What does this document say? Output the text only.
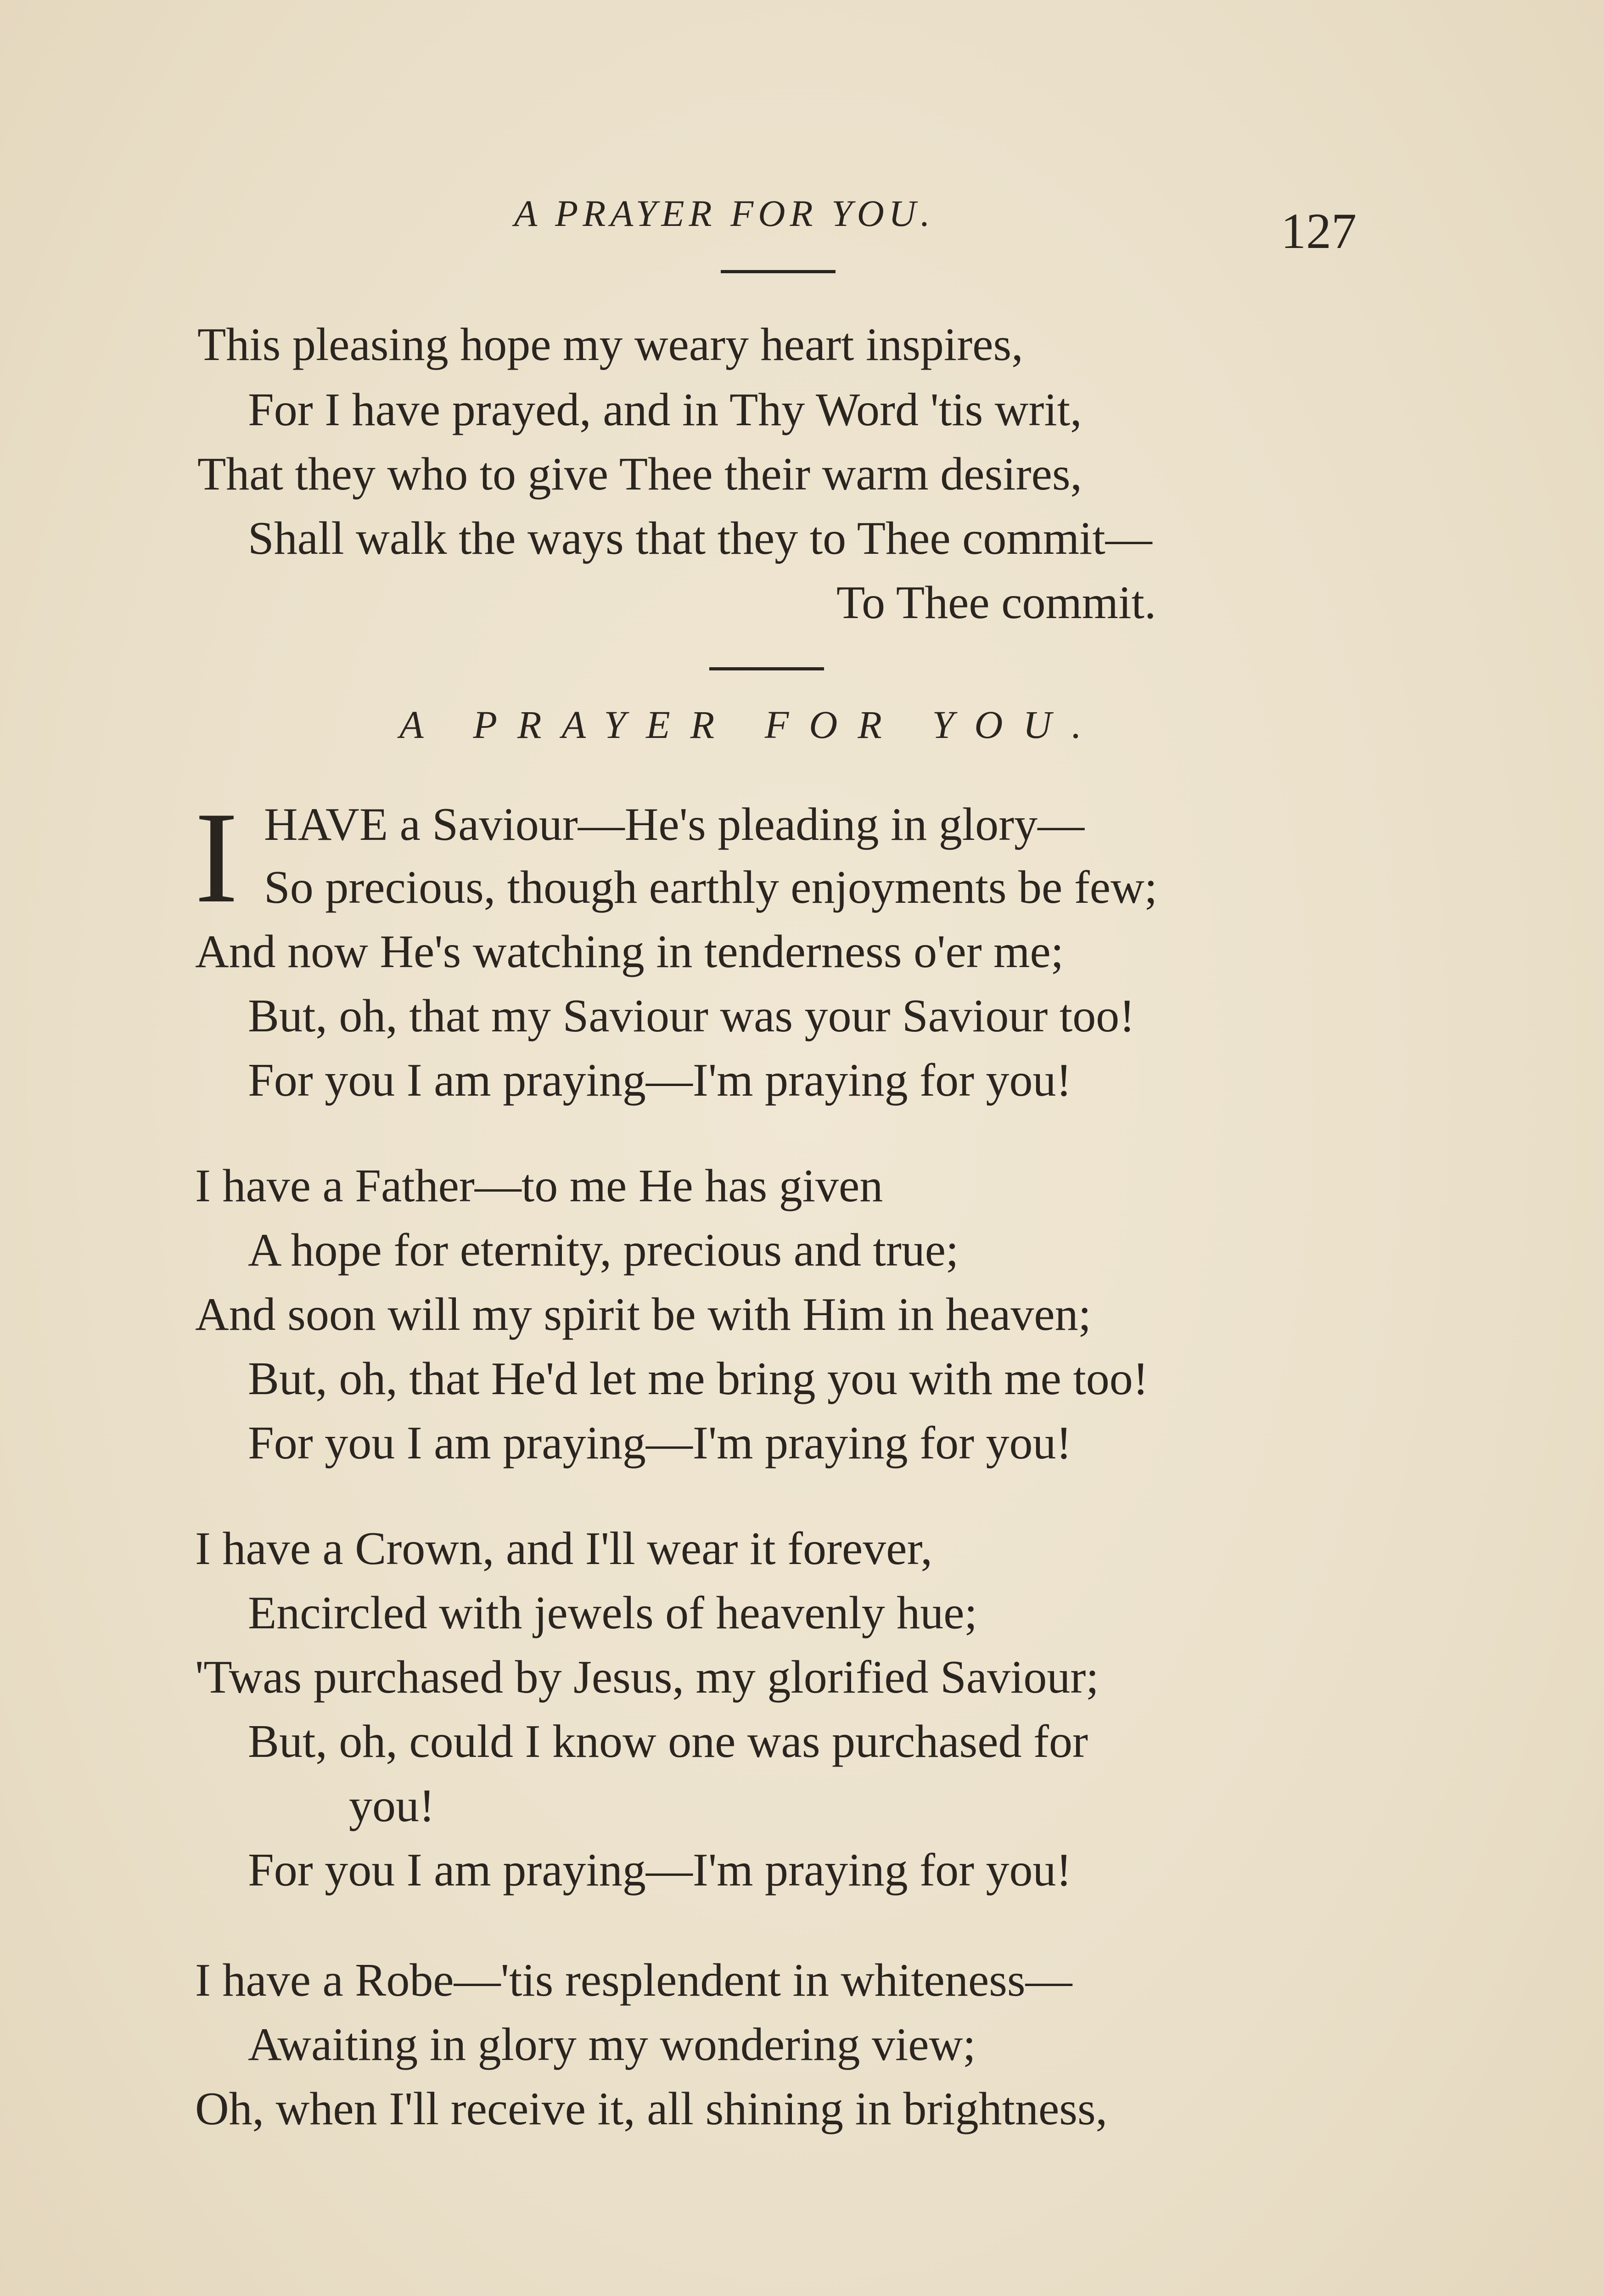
A PRAYER FOR YOU.	127
This pleasing hope my weary heart inspires,
For I have prayed, and in Thy Word 'tis writ,
That they who to give Thee their warm desires,
Shall walk the ways that they to Thee commit—
To Thee commit.
A PRAYER FOR YOU.
I HAVE a Saviour—He's pleading in glory—
So precious, though earthly enjoyments be few;
And now He's watching in tenderness o'er me;
But, oh, that my Saviour was your Saviour too!
For you I am praying—I'm praying for you!
I have a Father—to me He has given
A hope for eternity, precious and true;
And soon will my spirit be with Him in heaven;
But, oh, that He'd let me bring you with me too!
For you I am praying—I'm praying for you!
I have a Crown, and I'll wear it forever,
Encircled with jewels of heavenly hue;
'Twas purchased by Jesus, my glorified Saviour;
But, oh, could I know one was purchased for
you!
For you I am praying—I'm praying for you!
I have a Robe—'tis resplendent in whiteness—
Awaiting in glory my wondering view;
Oh, when I'll receive it, all shining in brightness,
